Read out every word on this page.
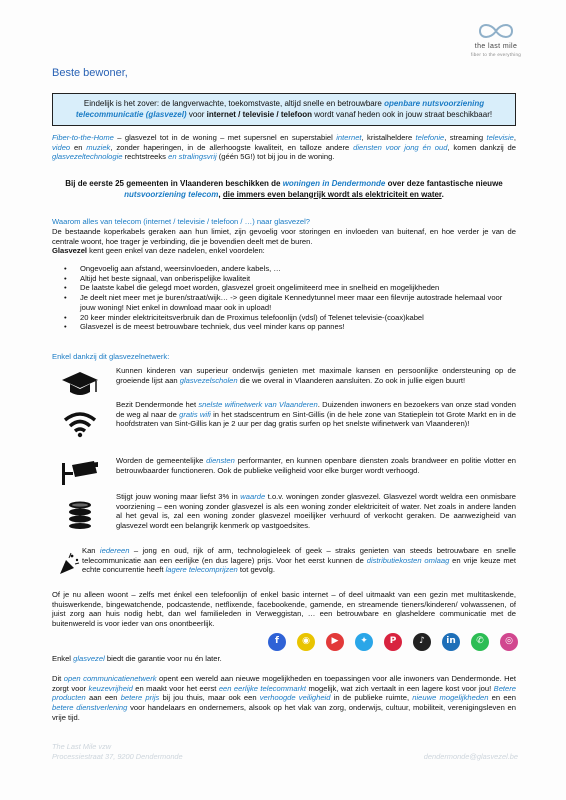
the last mile
fiber to the everything
Beste bewoner,
Eindelijk is het zover: de langverwachte, toekomstvaste, altijd snelle en betrouwbare openbare nutsvoorziening telecommunicatie (glasvezel) voor internet / televisie / telefoon wordt vanaf heden ook in jouw straat beschikbaar!
Fiber-to-the-Home – glasvezel tot in de woning – met supersnel en superstabiel internet, kristalheldere telefonie, streaming televisie, video en muziek, zonder haperingen, in de allerhoogste kwaliteit, en talloze andere diensten voor jong én oud, komen dankzij de glasvezeltechnologie rechtstreeks en stralingsvrij (géén 5G!) tot bij jou in de woning.
Bij de eerste 25 gemeenten in Vlaanderen beschikken de woningen in Dendermonde over deze fantastische nieuwe nutsvoorziening telecom, die immers even belangrijk wordt als elektriciteit en water.
Waarom alles van telecom (internet / televisie / telefoon / …) naar glasvezel?
De bestaande koperkabels geraken aan hun limiet, zijn gevoelig voor storingen en invloeden van buitenaf, en hoe verder je van de centrale woont, hoe trager je verbinding, die je bovendien deelt met de buren.
Glasvezel kent geen enkel van deze nadelen, enkel voordelen:
• Ongevoelig aan afstand, weersinvloeden, andere kabels, …
• Altijd het beste signaal, van onberispelijke kwaliteit
• De laatste kabel die gelegd moet worden, glasvezel groeit ongelimiteerd mee in snelheid en mogelijkheden
• Je deelt niet meer met je buren/straat/wijk… -> geen digitale Kennedytunnel meer maar een filevrije autostrade helemaal voor jouw woning! Niet enkel in download maar ook in upload!
• 20 keer minder elektriciteitsverbruik dan de Proximus telefoonlijn (vdsl) of Telenet televisie-(coax)kabel
• Glasvezel is de meest betrouwbare techniek, dus veel minder kans op pannes!
Enkel dankzij dit glasvezelnetwerk:
Kunnen kinderen van superieur onderwijs genieten met maximale kansen en persoonlijke ondersteuning op de groeiende lijst aan glasvezelscholen die we overal in Vlaanderen aansluiten. Zo ook in jullie eigen buurt!
Bezit Dendermonde het snelste wifinetwerk van Vlaanderen. Duizenden inwoners en bezoekers van onze stad vonden de weg al naar de gratis wifi in het stadscentrum en Sint-Gillis (in de hele zone van Statieplein tot Grote Markt en in de hoofdstraten van Sint-Gillis kan je 2 uur per dag gratis surfen op het snelste wifinetwerk van Vlaanderen)!
Worden de gemeentelijke diensten performanter, en kunnen openbare diensten zoals brandweer en politie vlotter en betrouwbaarder functioneren. Ook de publieke veiligheid voor elke burger wordt verhoogd.
Stijgt jouw woning maar liefst 3% in waarde t.o.v. woningen zonder glasvezel. Glasvezel wordt weldra een onmisbare voorziening – een woning zonder glasvezel is als een woning zonder elektriciteit of water. Net zoals in andere landen al het geval is, zal een woning zonder glasvezel moeilijker verhuurd of verkocht geraken. De aanwezigheid van glasvezel wordt een belangrijk kenmerk op vastgoedsites.
Kan iedereen – jong en oud, rijk of arm, technologieleek of geek – straks genieten van steeds betrouwbare en snelle telecommunicatie aan een eerlijke (en dus lagere) prijs. Voor het eerst kunnen de distributiekosten omlaag en vrije keuze met echte concurrentie heeft lagere telecomprijzen tot gevolg.
Of je nu alleen woont – zelfs met énkel een telefoonlijn of enkel basic internet – of deel uitmaakt van een gezin met multitaskende, thuiswerkende, bingewatchende, podcastende, netflixende, facebookende, gamende, en streamende tieners/kinderen/ volwassenen, of juist zorg aan huis nodig hebt, dan wel familieleden in Verweggistan, … een betrouwbare en glasheldere communicatie met de buitenwereld is voor ieder van ons onontbeerlijk.
f	◉	▶	✦	P	♪	in	✆	◎
Enkel glasvezel biedt die garantie voor nu én later.
Dit open communicatienetwerk opent een wereld aan nieuwe mogelijkheden en toepassingen voor alle inwoners van Dendermonde. Het zorgt voor keuzevrijheid en maakt voor het eerst een eerlijke telecommarkt mogelijk, wat zich vertaalt in een lagere kost voor jou! Betere producten aan een betere prijs bij jou thuis, maar ook een verhoogde veiligheid in de publieke ruimte, nieuwe mogelijkheden en een betere dienstverlening voor handelaars en ondernemers, alsook op het vlak van zorg, onderwijs, cultuur, mobiliteit, verenigingsleven en vrije tijd.
The Last Mile vzw
Processiestraat 37, 9200 Dendermonde	dendermonde@glasvezel.be
